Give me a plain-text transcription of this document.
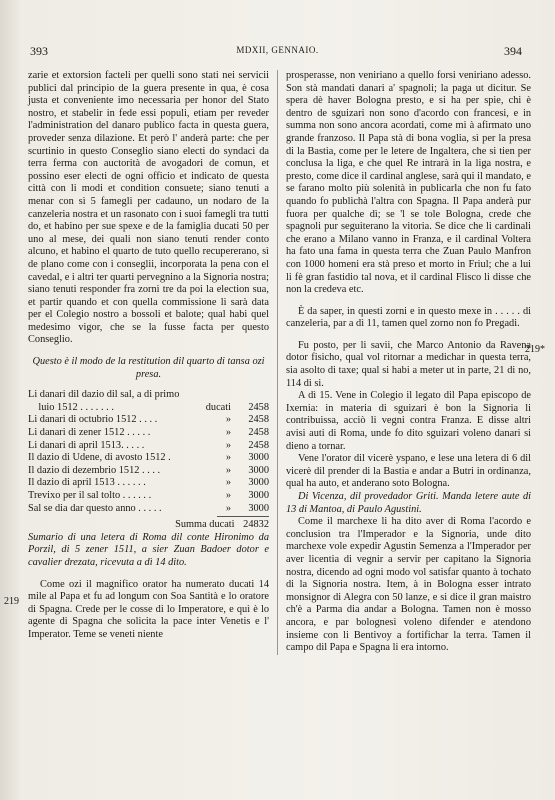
393	MDXII, GENNAIO.	394

zarie et extorsion facteli per quelli sono stati nei servicii publici dal principio de la guera presente in qua, è cosa justa et conveniente imo necessaria per honor del Stato nostro, et stabelir in fede essi populi, etiam per reveder l'administration del danaro publico facta in questa guera, proveder senza dilazione. Et però l' anderà parte: che per scurtinio in questo Conseglio siano electi do syndaci da terra ferma con auctorità de avogadori de comun, et possino eser electi de ogni officio et indicato de questa città con li modi et condition consuete; siano tenuti a menar con sì 5 famegli per cadauno, un nodaro de la canzeleria nostra et un rasonato con i suoi famegli tra tutti do, et habino per sue spexe e de la famiglia ducati 50 per uno al mese, dei quali non siano tenuti render conto alcuno, et habino el quarto de tuto quello recupererano, sì de plano come con i conseglii, incorporata la pena con el cavedal, e i altri ter quarti pervegnino a la Signoria nostra; siano tenuti responder fra zorni tre da poi la election sua, et partir quando et con quella commissione li sarà data per el Colegio nostro a bossoli et balote; qual habi quel medesimo vigor, che se la fusse facta per questo Conseglio.

Questo è il modo de la restitution dil quarto di tansa ozi presa.
Li danari dil dazio dil sal, a di primo		
luio 1512 . . . . . . .	ducati	2458
Li danari di octubrio 1512 . . . .	»	2458
Li danari di zener 1512 . . . . .	»	2458
Li danari di april 1513. . . . .	»	2458
Il dazio di Udene, di avosto 1512 .	»	3000
Il dazio di dezembrio 1512 . . . .	»	3000
Il dazio di april 1513 . . . . . .	»	3000
Trevixo per il sal tolto . . . . . .	»	3000
Sal se dia dar questo anno . . . . .	»	3000
Summa ducati 24832

Sumario di una letera di Roma dil conte Hironimo da Porzil, di 5 zener 1511, a sier Zuan Badoer dotor e cavalier drezata, ricevuta a dì 14 dito.

Come ozi il magnifico orator ha numerato ducati 14 mile al Papa et fu ad longum con Soa Santità e lo oratore di Spagna. Crede per le cosse di lo Imperatore, e quì è lo agente di Spagna che solicita la pace inter Venetis e l' Imperator. Teme se veneti niente

219

prosperasse, non veniriano a quello forsi veniriano adesso. Son stà mandati danari a' spagnoli; la paga ut dicitur. Se spera dè haver Bologna presto, e si ha per spie, chi è dentro de sguizari non sono d'acordo con francesi, e in summa non sono ancora acordati, come mi à afirmato uno grande franzoso. Il Papa stà di bona voglia, sì per la presa di la Bastia, come per le letere de Ingaltera, che si tien per conclusa la liga, e che quel Re intrarà in la liga nostra, e presto, come dice il cardinal anglese, sarà qui il mandato, e se farano molto più solenità in publicarla che non fu fato quando fo publichà l'altra con Spagna. Il Papa anderà pur fuora per qualche dì; se 'l se tole Bologna, crede che spagnoli pur seguiterano la vitoria. Se dice che li cardinali che erano a Milano vanno in Franza, e il cardinal Voltera ha fato una fama in questa terra che Zuan Paulo Manfron con 1000 homeni era stà preso et morto in Friul; che a lui li fè gran fastidio tal nova, et il cardinal Flisco li disse che non la credeva etc.

È da saper, in questi zorni e in questo mexe in . . . . . di canzeleria, par a dì 11, tamen quel zorno non fo Pregadi.

Fu posto, per li savii, che Marco Antonio da Ravena dotor fisicho, qual vol ritornar a medichar in questa terra, sia asolto di taxe; qual si habi a meter ut in parte, 21 di no, 114 di si.

A dì 15. Vene in Colegio il legato dil Papa episcopo de Ixernia: in materia di sguizari è bon la Signoria li contribuissa, acciò li vegni contra Franza. E disse altri avisi auti di Roma, unde fo dito sguizari voleno danari si dieno a tornar.

Vene l'orator dil vicerè yspano, e lese una letera di 6 dil vicerè dil prender di la Bastia e andar a Butri in ordinanza, qual ha auto, et anderano soto Bologna.

Di Vicenza, dil provedador Griti. Manda letere aute di 13 di Mantoa, di Paulo Agustini.

Come il marchexe li ha dito aver di Roma l'acordo e conclusion tra l'Imperador e la Signoria, unde dito marchexe vole expedir Agustin Semenza a l'Imperador per aver licentia di vegnir a servir per capitano la Signoria nostra, dicendo ad ogni modo vol satisfar quanto à tochato di la Signoria nostra. Item, à in Bologna esser intrato monsignor di Alegra con 50 lanze, e si dice il gran maistro ch'è a Parma dia andar a Bologna. Tamen non è mosso ancora, e par bolognesi voleno difender e atendono insieme con li Bentivoy a fortifichar la terra. Tamen il campo dil Papa e Spagna li era intorno.

219*
